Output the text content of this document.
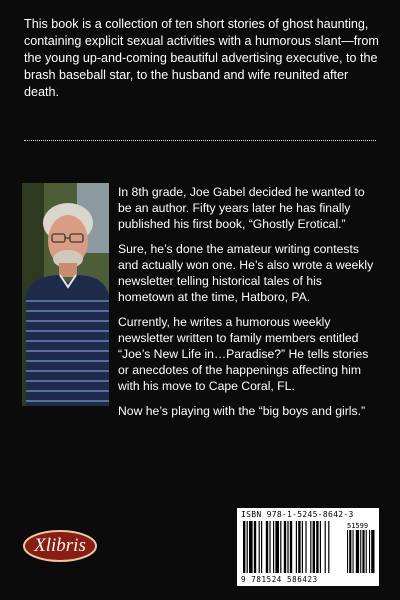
This book is a collection of ten short stories of ghost haunting, containing explicit sexual activities with a humorous slant—from the young up-and-coming beautiful advertising executive, to the brash baseball star, to the husband and wife reunited after death.

In 8th grade, Joe Gabel decided he wanted to be an author. Fifty years later he has finally published his first book, “Ghostly Erotical.”

Sure, he’s done the amateur writing contests and actually won one. He’s also wrote a weekly newsletter telling historical tales of his hometown at the time, Hatboro, PA.

Currently, he writes a humorous weekly newsletter written to family members entitled “Joe’s New Life in…Paradise?” He tells stories or anecdotes of the happenings affecting him with his move to Cape Coral, FL.

Now he’s playing with the “big boys and girls.”

Xlibris
ISBN 978-1-5245-8642-3
51599
9 781524 586423
